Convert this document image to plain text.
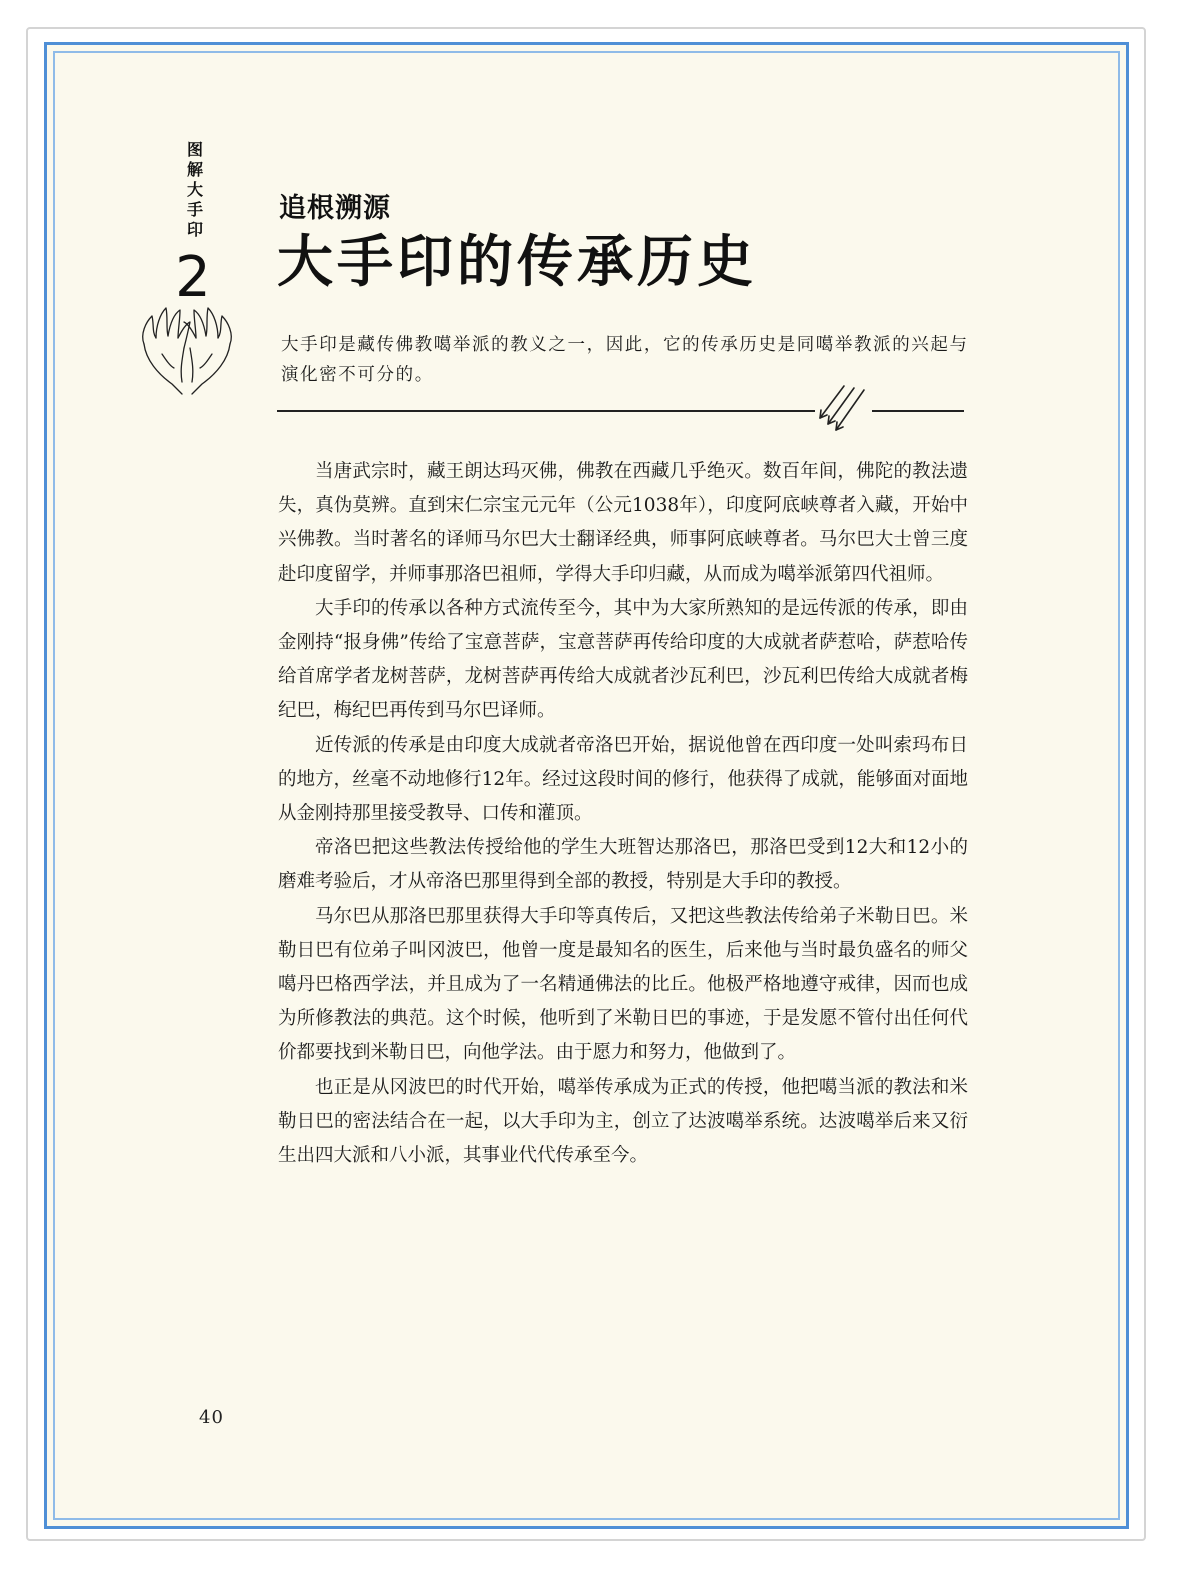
图解大手印
2
追根溯源
大手印的传承历史
大手印是藏传佛教噶举派的教义之一，因此，它的传承历史是同噶举教派的兴起与演化密不可分的。

当唐武宗时，藏王朗达玛灭佛，佛教在西藏几乎绝灭。数百年间，佛陀的教法遗失，真伪莫辨。直到宋仁宗宝元元年（公元1038年），印度阿底峡尊者入藏，开始中兴佛教。当时著名的译师马尔巴大士翻译经典，师事阿底峡尊者。马尔巴大士曾三度赴印度留学，并师事那洛巴祖师，学得大手印归藏，从而成为噶举派第四代祖师。

大手印的传承以各种方式流传至今，其中为大家所熟知的是远传派的传承，即由金刚持“报身佛”传给了宝意菩萨，宝意菩萨再传给印度的大成就者萨惹哈，萨惹哈传给首席学者龙树菩萨，龙树菩萨再传给大成就者沙瓦利巴，沙瓦利巴传给大成就者梅纪巴，梅纪巴再传到马尔巴译师。

近传派的传承是由印度大成就者帝洛巴开始，据说他曾在西印度一处叫索玛布日的地方，丝毫不动地修行12年。经过这段时间的修行，他获得了成就，能够面对面地从金刚持那里接受教导、口传和灌顶。

帝洛巴把这些教法传授给他的学生大班智达那洛巴，那洛巴受到12大和12小的磨难考验后，才从帝洛巴那里得到全部的教授，特别是大手印的教授。

马尔巴从那洛巴那里获得大手印等真传后，又把这些教法传给弟子米勒日巴。米勒日巴有位弟子叫冈波巴，他曾一度是最知名的医生，后来他与当时最负盛名的师父噶丹巴格西学法，并且成为了一名精通佛法的比丘。他极严格地遵守戒律，因而也成为所修教法的典范。这个时候，他听到了米勒日巴的事迹，于是发愿不管付出任何代价都要找到米勒日巴，向他学法。由于愿力和努力，他做到了。

也正是从冈波巴的时代开始，噶举传承成为正式的传授，他把噶当派的教法和米勒日巴的密法结合在一起，以大手印为主，创立了达波噶举系统。达波噶举后来又衍生出四大派和八小派，其事业代代传承至今。

40
